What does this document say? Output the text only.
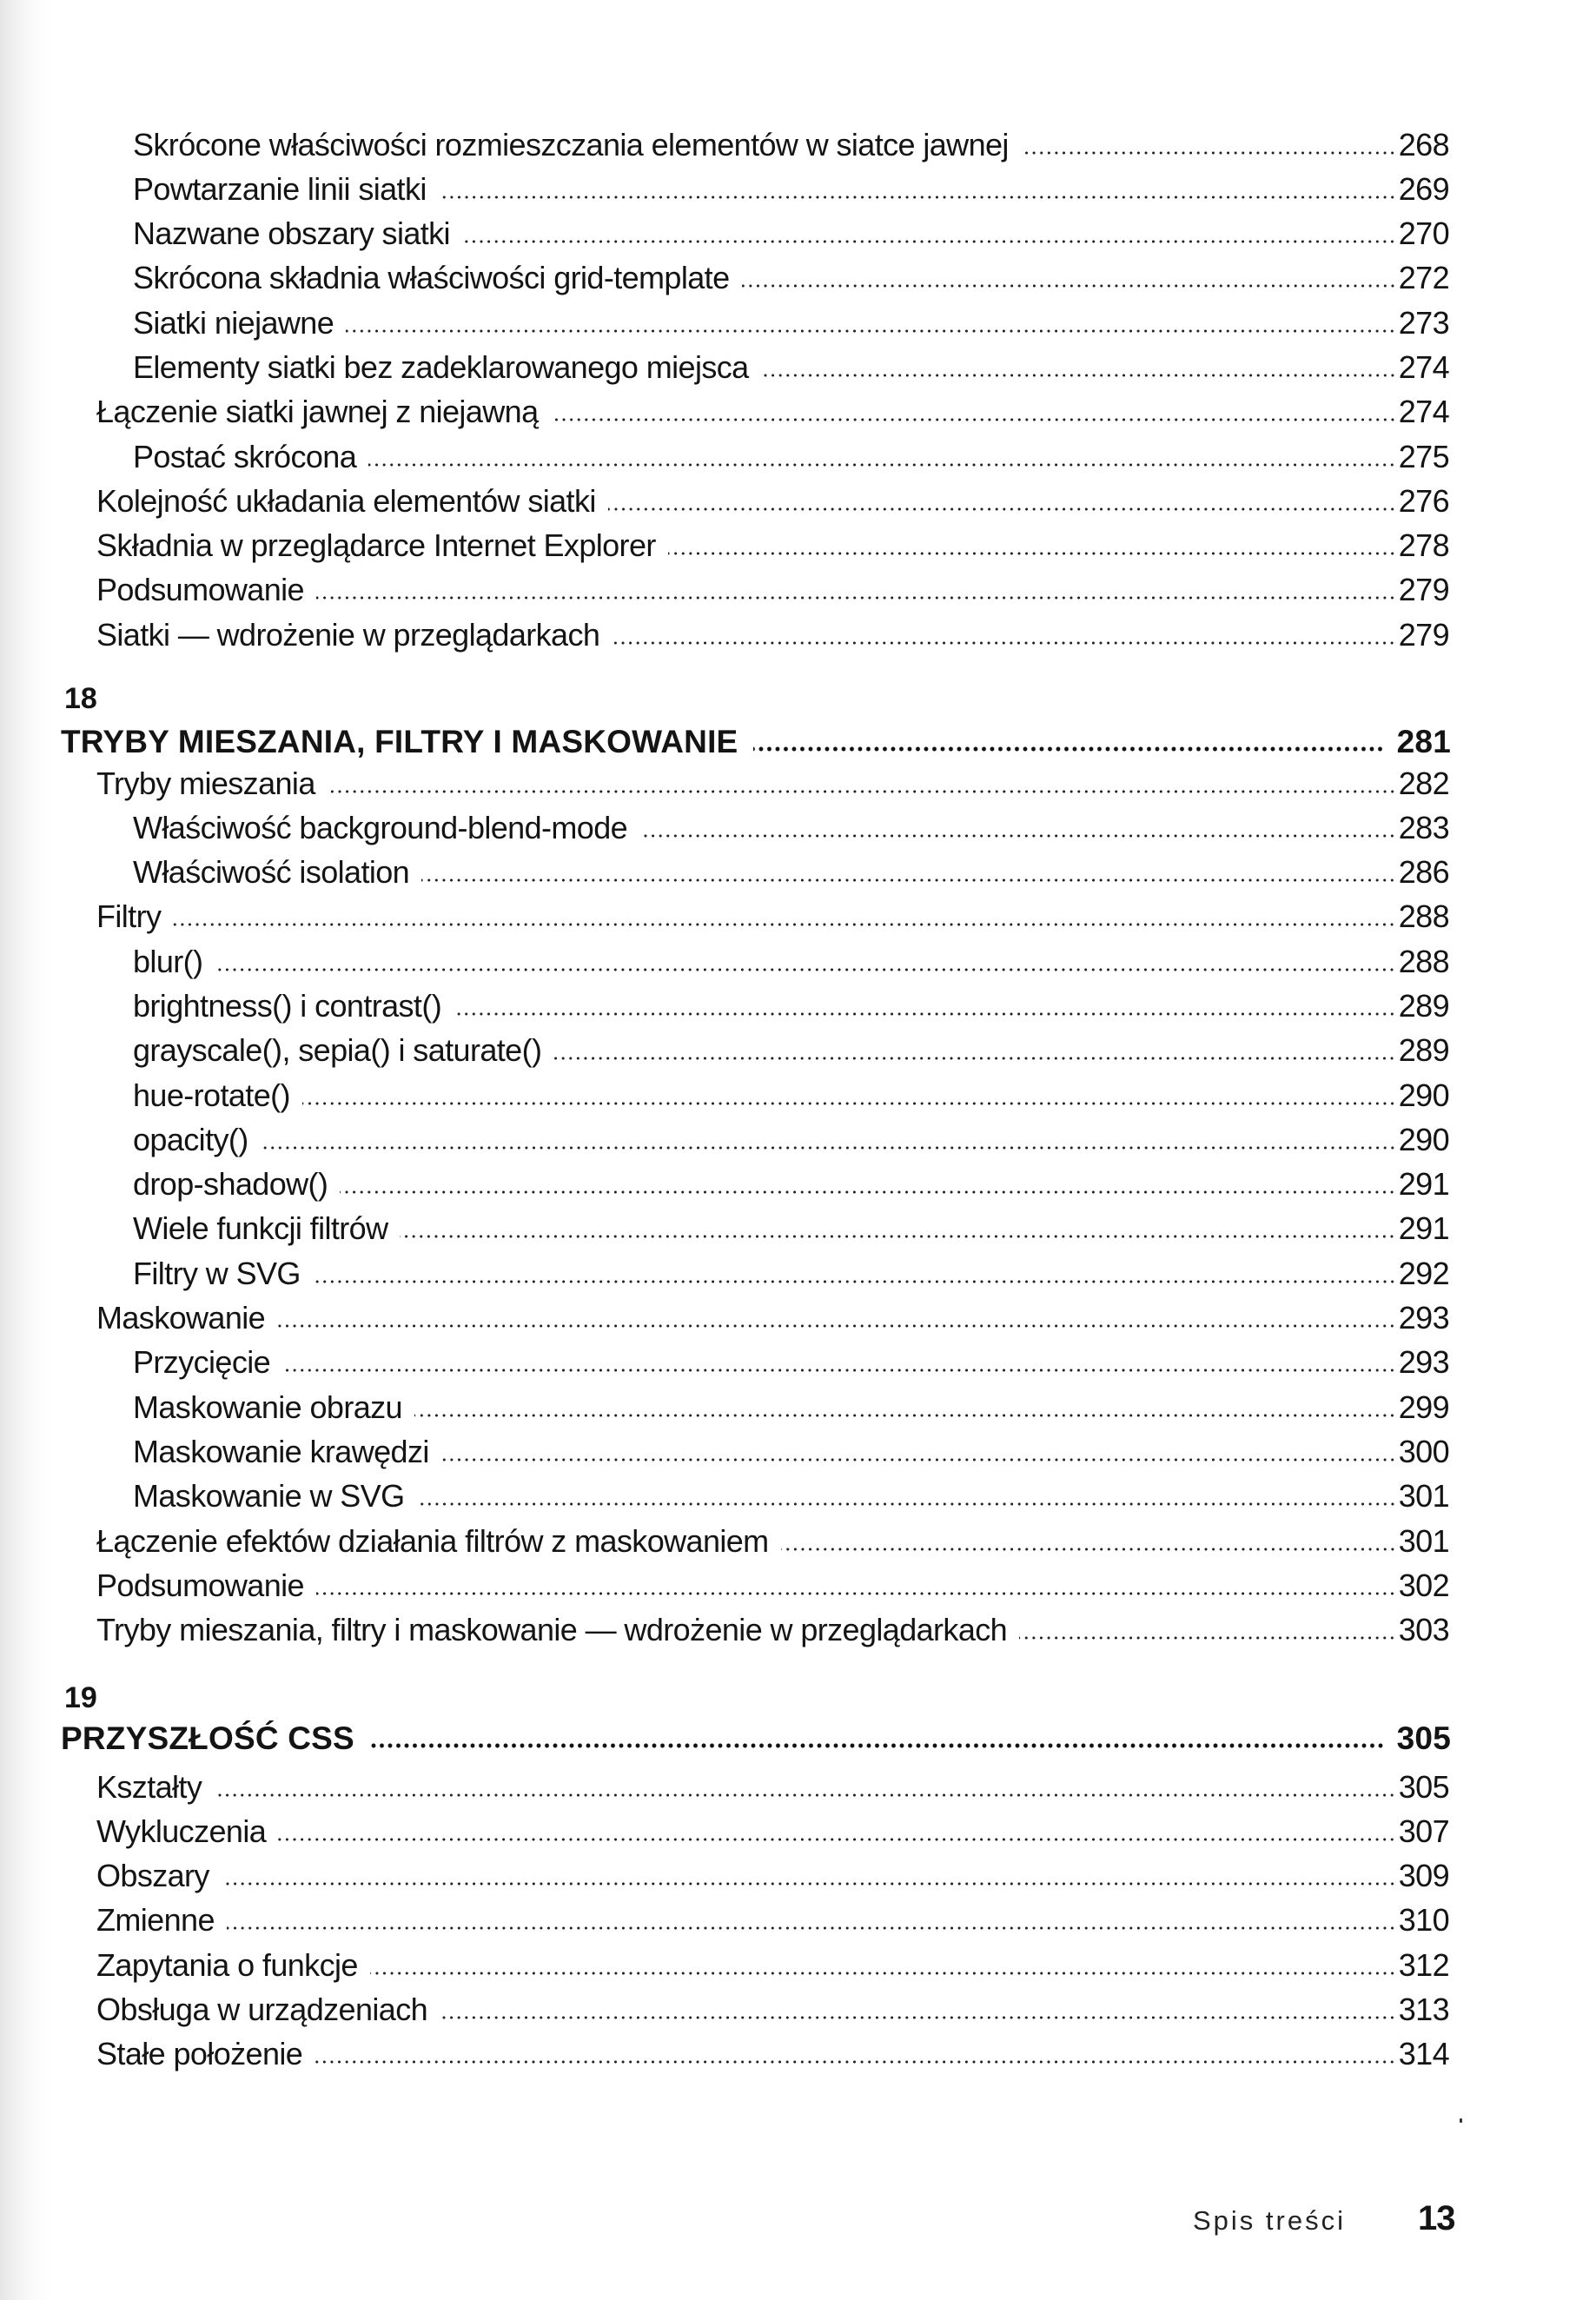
Skrócone właściwości rozmieszczania elementów w siatce jawnej	268
Powtarzanie linii siatki	269
Nazwane obszary siatki	270
Skrócona składnia właściwości grid-template	272
Siatki niejawne	273
Elementy siatki bez zadeklarowanego miejsca	274
Łączenie siatki jawnej z niejawną	274
Postać skrócona	275
Kolejność układania elementów siatki	276
Składnia w przeglądarce Internet Explorer	278
Podsumowanie	279
Siatki — wdrożenie w przeglądarkach	279
18
TRYBY MIESZANIA, FILTRY I MASKOWANIE	281
Tryby mieszania	282
Właściwość background-blend-mode	283
Właściwość isolation	286
Filtry	288
blur()	288
brightness() i contrast()	289
grayscale(), sepia() i saturate()	289
hue-rotate()	290
opacity()	290
drop-shadow()	291
Wiele funkcji filtrów	291
Filtry w SVG	292
Maskowanie	293
Przycięcie	293
Maskowanie obrazu	299
Maskowanie krawędzi	300
Maskowanie w SVG	301
Łączenie efektów działania filtrów z maskowaniem	301
Podsumowanie	302
Tryby mieszania, filtry i maskowanie — wdrożenie w przeglądarkach	303
19
PRZYSZŁOŚĆ CSS	305
Kształty	305
Wykluczenia	307
Obszary	309
Zmienne	310
Zapytania o funkcje	312
Obsługa w urządzeniach	313
Stałe położenie	314
Spis treści 13
